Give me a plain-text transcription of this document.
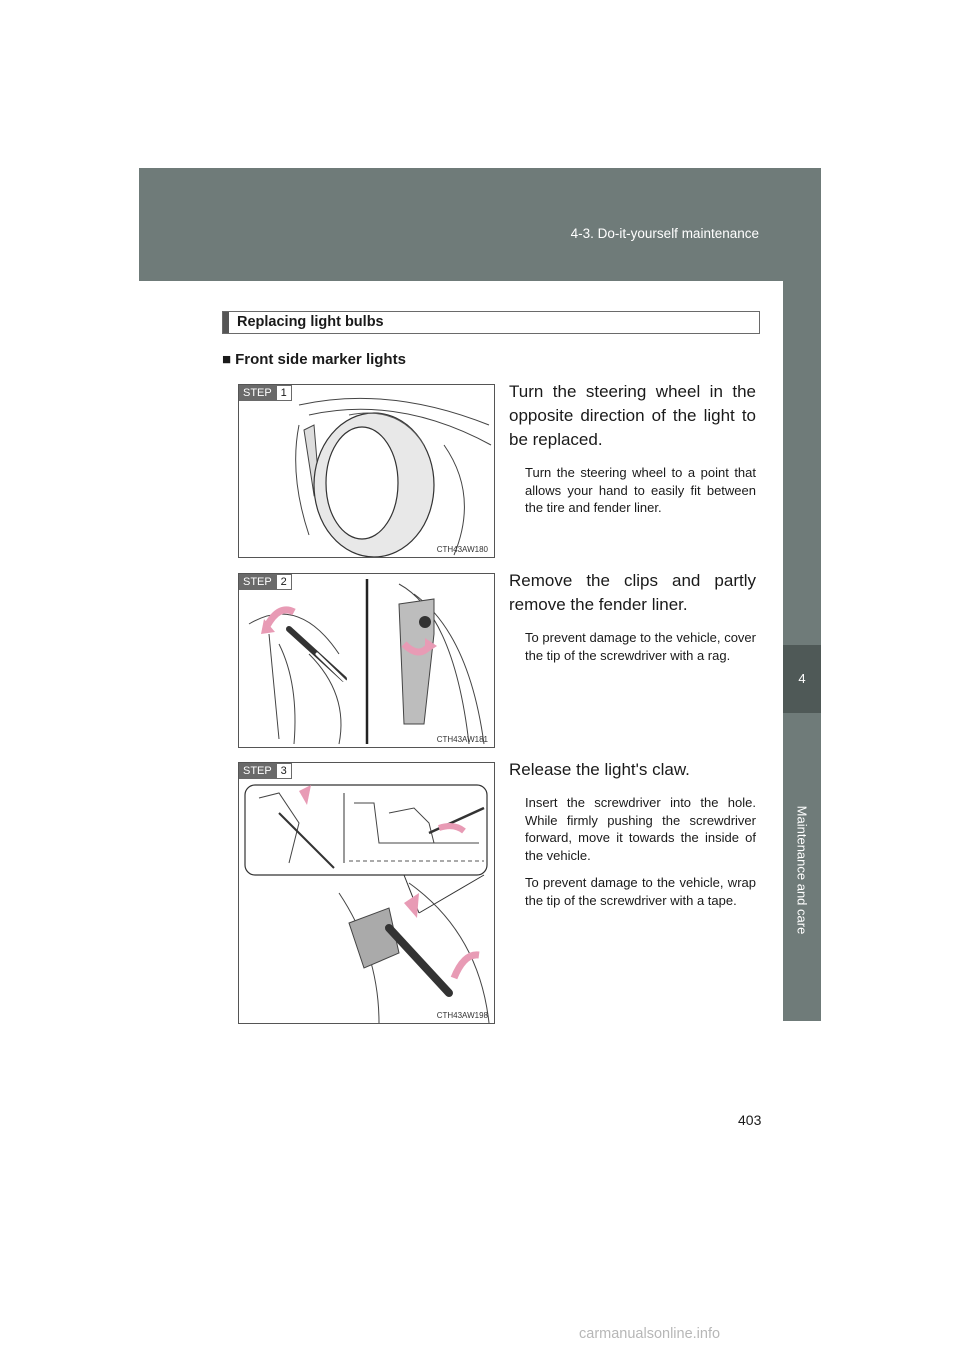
4-3. Do-it-yourself maintenance
4
Maintenance and care
Replacing light bulbs
■ Front side marker lights
STEP 1
CTH43AW180

Turn the steering wheel in the opposite direction of the light to be replaced.

Turn the steering wheel to a point that allows your hand to easily fit between the tire and fender liner.

STEP 2
CTH43AW181

Remove the clips and partly remove the fender liner.

To prevent damage to the vehicle, cover the tip of the screwdriver with a rag.

STEP 3
CTH43AW198

Release the light's claw.

Insert the screwdriver into the hole. While firmly pushing the screwdriver forward, move it towards the inside of the vehicle.

To prevent damage to the vehicle, wrap the tip of the screwdriver with a tape.

403
carmanualsonline.info
